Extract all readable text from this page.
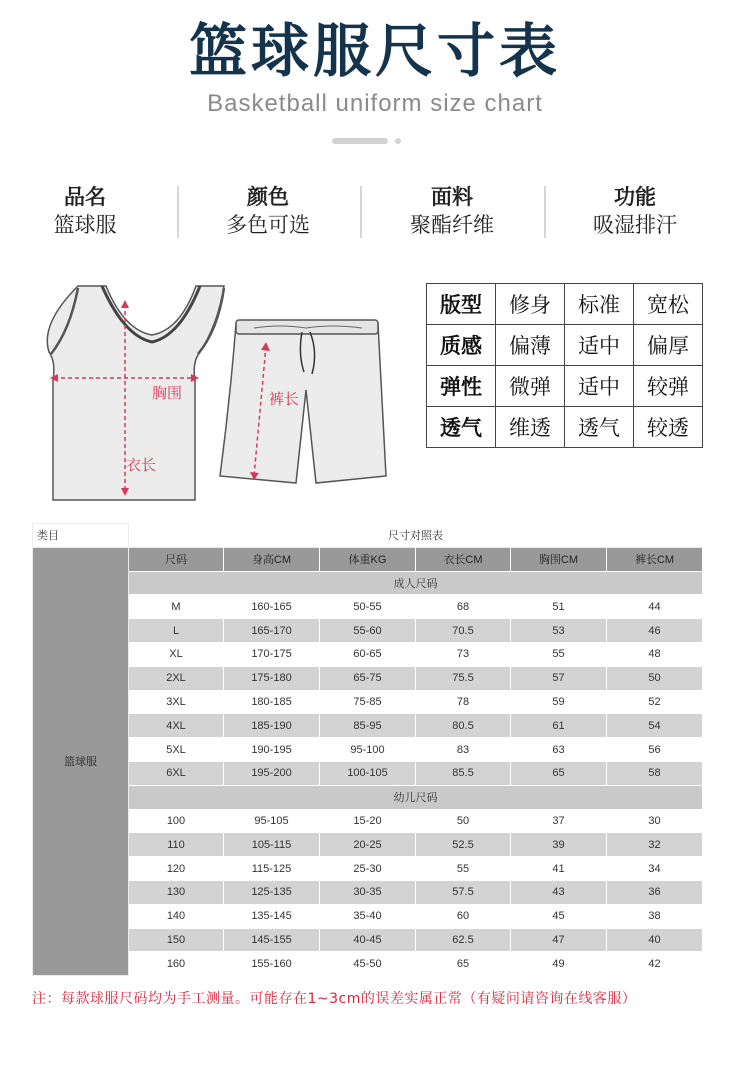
篮球服尺寸表
Basketball uniform size chart
品名
篮球服
颜色
多色可选
面料
聚酯纤维
功能
吸湿排汗
胸围
衣长
裤长
版型	修身	标准	宽松
质感	偏薄	适中	偏厚
弹性	微弹	适中	较弹
透气	维透	透气	较透
类目	尺寸对照表					
篮球服	尺码	身高CM	体重KG	衣长CM	胸围CM	裤长CM
	成人尺码					
	M	160-165	50-55	68	51	44
	L	165-170	55-60	70.5	53	46
	XL	170-175	60-65	73	55	48
	2XL	175-180	65-75	75.5	57	50
	3XL	180-185	75-85	78	59	52
	4XL	185-190	85-95	80.5	61	54
	5XL	190-195	95-100	83	63	56
	6XL	195-200	100-105	85.5	65	58
	幼儿尺码					
	100	95-105	15-20	50	37	30
	110	105-115	20-25	52.5	39	32
	120	115-125	25-30	55	41	34
	130	125-135	30-35	57.5	43	36
	140	135-145	35-40	60	45	38
	150	145-155	40-45	62.5	47	40
	160	155-160	45-50	65	49	42
注：每款球服尺码均为手工测量。可能存在1~3cm的误差实属正常（有疑问请咨询在线客服）
